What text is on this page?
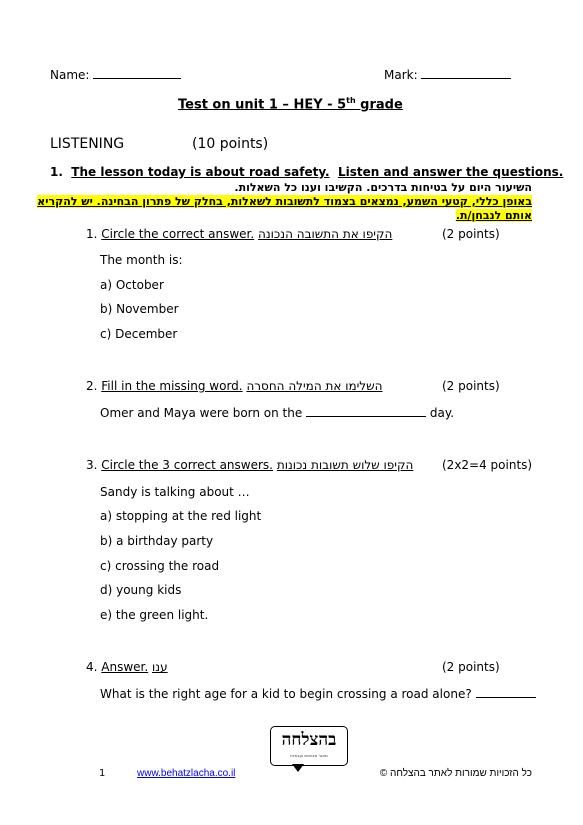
Name:	Mark:
Test on unit 1 – HEY - 5th grade
LISTENING	(10 points)
1. The lesson today is about road safety. Listen and answer the questions.
השיעור היום על בטיחות בדרכים. הקשיבו וענו כל השאלות.
באופן כללי, קטעי השמע, נמצאים בצמוד לתשובות לשאלות, בחלק של פתרון הבחינה. יש להקריא
אותם לנבחן/ת.
1. Circle the correct answer. הקיפו את התשובה הנכונה	(2 points)
The month is:
a) October
b) November
c) December
2. Fill in the missing word. השלימו את המילה החסרה	(2 points)
Omer and Maya were born on the	day.
3. Circle the 3 correct answers. הקיפו שלוש תשובות נכונות (2x2=4 points)
Sandy is talking about …
a) stopping at the red light
b) a birthday party
c) crossing the road
d) young kids
e) the green light.
4. Answer. ענו	(2 points)
What is the right age for a kid to begin crossing a road alone?
בהצלחה
מאגר מבחנים ועבודות
1	www.behatzlacha.co.il	כל הזכויות שמורות לאתר בהצלחה ©
